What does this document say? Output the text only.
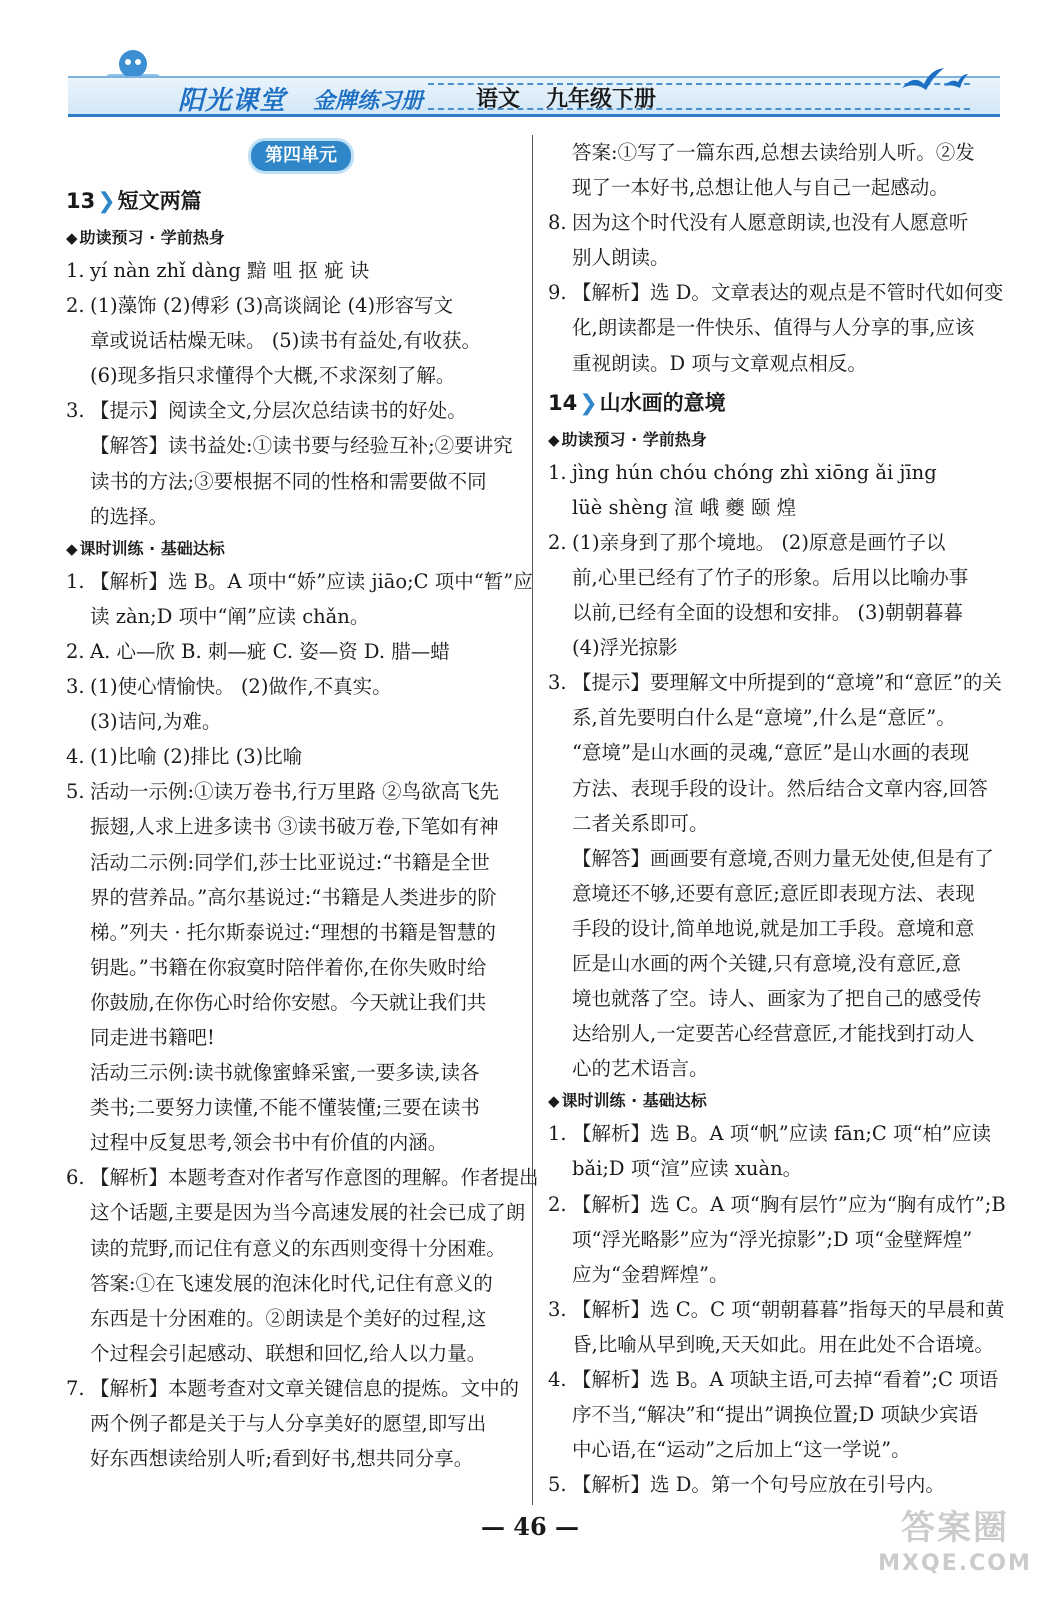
阳光课堂 金牌练习册 语文 九年级下册
第四单元
13❯短文两篇
◆ 助读预习 · 学前热身
1. yí nàn zhǐ dàng 黯 咀 抠 疵 诀
2. (1)藻饰 (2)傅彩 (3)高谈阔论 (4)形容写文
章或说话枯燥无味。 (5)读书有益处,有收获。
(6)现多指只求懂得个大概,不求深刻了解。
3. 【提示】阅读全文,分层次总结读书的好处。
【解答】读书益处:①读书要与经验互补;②要讲究
读书的方法;③要根据不同的性格和需要做不同
的选择。
◆ 课时训练 · 基础达标
1. 【解析】选 B。A 项中“娇”应读 jiāo;C 项中“暂”应
读 zàn;D 项中“阐”应读 chǎn。
2. A. 心—欣 B. 刺—疵 C. 姿—资 D. 腊—蜡
3. (1)使心情愉快。 (2)做作,不真实。
(3)诘问,为难。
4. (1)比喻 (2)排比 (3)比喻
5. 活动一示例:①读万卷书,行万里路 ②鸟欲高飞先
振翅,人求上进多读书 ③读书破万卷,下笔如有神
活动二示例:同学们,莎士比亚说过:“书籍是全世
界的营养品。”高尔基说过:“书籍是人类进步的阶
梯。”列夫 · 托尔斯泰说过:“理想的书籍是智慧的
钥匙。”书籍在你寂寞时陪伴着你,在你失败时给
你鼓励,在你伤心时给你安慰。今天就让我们共
同走进书籍吧!
活动三示例:读书就像蜜蜂采蜜,一要多读,读各
类书;二要努力读懂,不能不懂装懂;三要在读书
过程中反复思考,领会书中有价值的内涵。
6. 【解析】本题考查对作者写作意图的理解。作者提出
这个话题,主要是因为当今高速发展的社会已成了朗
读的荒野,而记住有意义的东西则变得十分困难。
答案:①在飞速发展的泡沫化时代,记住有意义的
东西是十分困难的。②朗读是个美好的过程,这
个过程会引起感动、联想和回忆,给人以力量。
7. 【解析】本题考查对文章关键信息的提炼。文中的
两个例子都是关于与人分享美好的愿望,即写出
好东西想读给别人听;看到好书,想共同分享。
答案:①写了一篇东西,总想去读给别人听。②发
现了一本好书,总想让他人与自己一起感动。
8. 因为这个时代没有人愿意朗读,也没有人愿意听
别人朗读。
9. 【解析】选 D。文章表达的观点是不管时代如何变
化,朗读都是一件快乐、值得与人分享的事,应该
重视朗读。D 项与文章观点相反。
14❯山水画的意境
◆ 助读预习 · 学前热身
1. jìng hún chóu chóng zhì xiōng ǎi jīng
lüè shèng 渲 峨 夔 颐 煌
2. (1)亲身到了那个境地。 (2)原意是画竹子以
前,心里已经有了竹子的形象。后用以比喻办事
以前,已经有全面的设想和安排。 (3)朝朝暮暮
(4)浮光掠影
3. 【提示】要理解文中所提到的“意境”和“意匠”的关
系,首先要明白什么是“意境”,什么是“意匠”。
“意境”是山水画的灵魂,“意匠”是山水画的表现
方法、表现手段的设计。然后结合文章内容,回答
二者关系即可。
【解答】画画要有意境,否则力量无处使,但是有了
意境还不够,还要有意匠;意匠即表现方法、表现
手段的设计,简单地说,就是加工手段。意境和意
匠是山水画的两个关键,只有意境,没有意匠,意
境也就落了空。诗人、画家为了把自己的感受传
达给别人,一定要苦心经营意匠,才能找到打动人
心的艺术语言。
◆ 课时训练 · 基础达标
1. 【解析】选 B。A 项“帆”应读 fān;C 项“柏”应读
bǎi;D 项“渲”应读 xuàn。
2. 【解析】选 C。A 项“胸有层竹”应为“胸有成竹”;B
项“浮光略影”应为“浮光掠影”;D 项“金壁辉煌”
应为“金碧辉煌”。
3. 【解析】选 C。C 项“朝朝暮暮”指每天的早晨和黄
昏,比喻从早到晚,天天如此。用在此处不合语境。
4. 【解析】选 B。A 项缺主语,可去掉“看着”;C 项语
序不当,“解决”和“提出”调换位置;D 项缺少宾语
中心语,在“运动”之后加上“这一学说”。
5. 【解析】选 D。第一个句号应放在引号内。
— 46 —	答案圈
MXQE.COM
